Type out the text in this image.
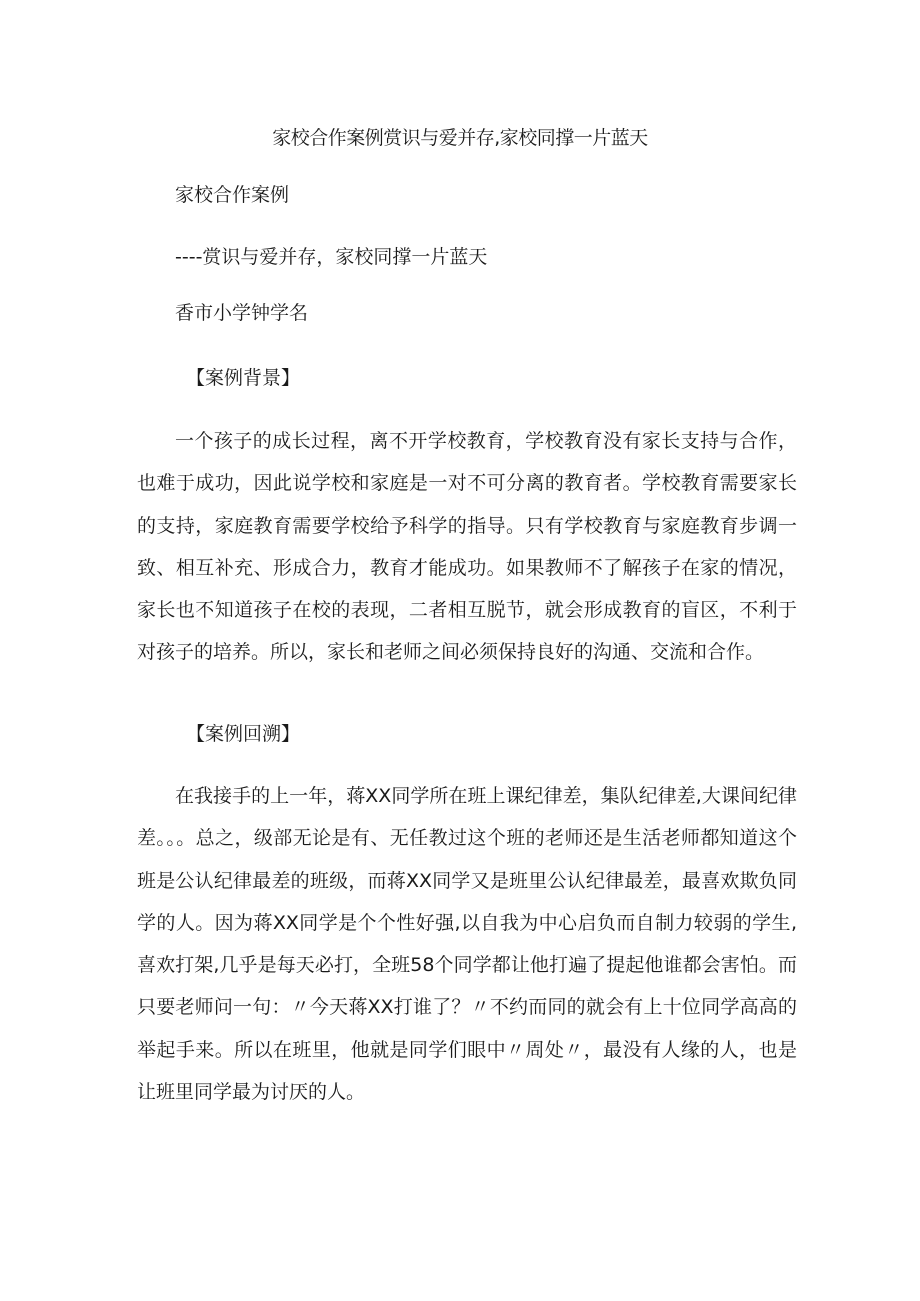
家校合作案例赏识与爱并存,家校同撑一片蓝天
家校合作案例
----赏识与爱并存，家校同撑一片蓝天
香市小学钟学名
【案例背景】
一个孩子的成长过程，离不开学校教育，学校教育没有家长支持与合作，也难于成功，因此说学校和家庭是一对不可分离的教育者。学校教育需要家长的支持，家庭教育需要学校给予科学的指导。只有学校教育与家庭教育步调一致、相互补充、形成合力，教育才能成功。如果教师不了解孩子在家的情况，家长也不知道孩子在校的表现，二者相互脱节，就会形成教育的盲区，不利于对孩子的培养。所以，家长和老师之间必须保持良好的沟通、交流和合作。
【案例回溯】
在我接手的上一年，蒋XX同学所在班上课纪律差，集队纪律差,大课间纪律差。。。总之，级部无论是有、无任教过这个班的老师还是生活老师都知道这个班是公认纪律最差的班级，而蒋XX同学又是班里公认纪律最差，最喜欢欺负同学的人。因为蒋XX同学是个个性好强,以自我为中心启负而自制力较弱的学生,喜欢打架,几乎是每天必打，全班58个同学都让他打遍了提起他谁都会害怕。而只要老师问一句：〃今天蒋XX打谁了？〃不约而同的就会有上十位同学高高的举起手来。所以在班里，他就是同学们眼中〃周处〃，最没有人缘的人，也是让班里同学最为讨厌的人。
